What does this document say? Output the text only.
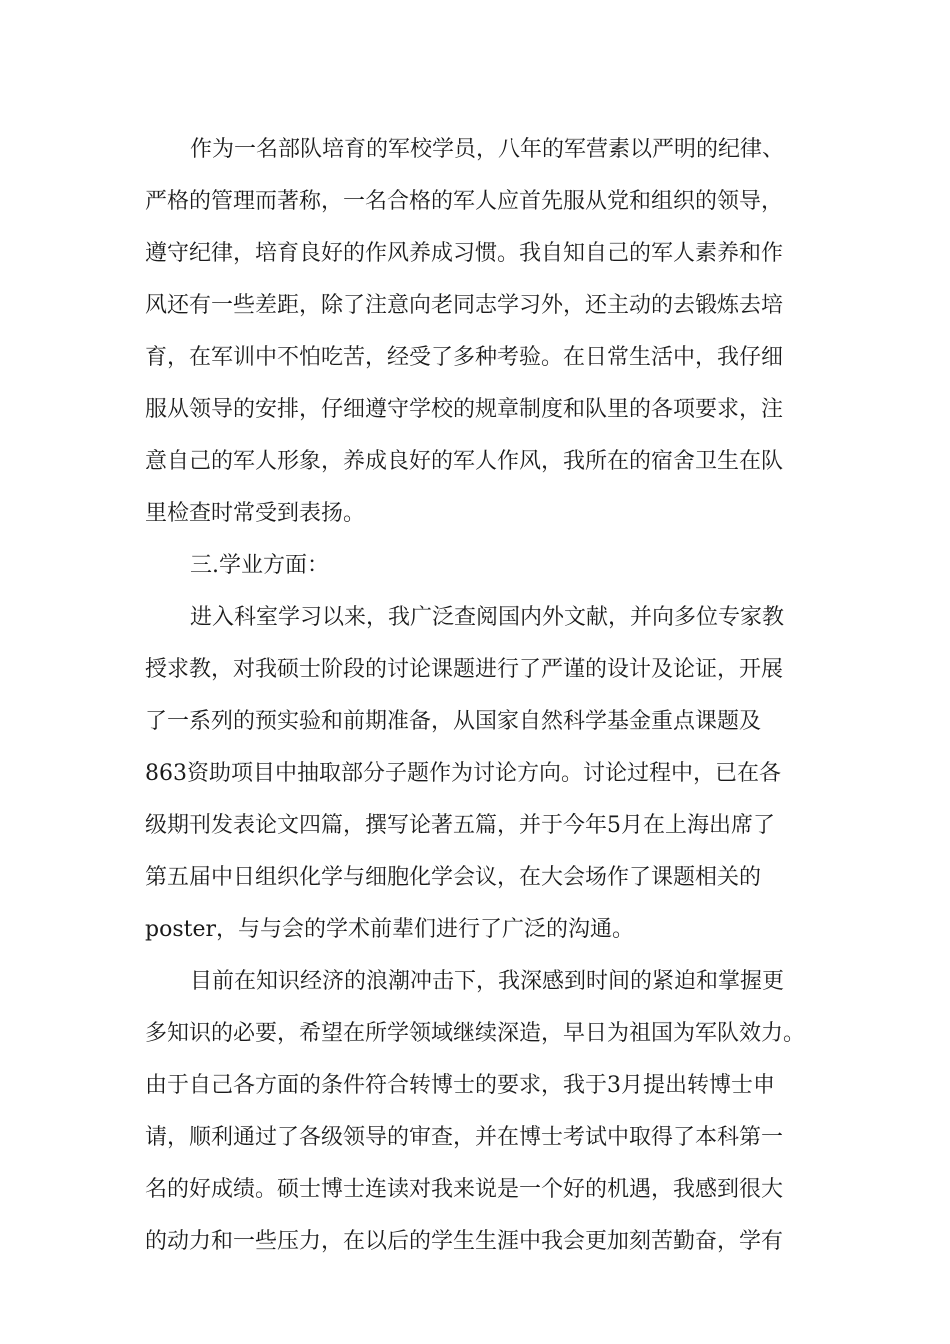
作为一名部队培育的军校学员，八年的军营素以严明的纪律、
严格的管理而著称，一名合格的军人应首先服从党和组织的领导，
遵守纪律，培育良好的作风养成习惯。我自知自己的军人素养和作
风还有一些差距，除了注意向老同志学习外，还主动的去锻炼去培
育，在军训中不怕吃苦，经受了多种考验。在日常生活中，我仔细
服从领导的安排，仔细遵守学校的规章制度和队里的各项要求，注
意自己的军人形象，养成良好的军人作风，我所在的宿舍卫生在队
里检查时常受到表扬。
三.学业方面：
进入科室学习以来，我广泛查阅国内外文献，并向多位专家教
授求教，对我硕士阶段的讨论课题进行了严谨的设计及论证，开展
了一系列的预实验和前期准备，从国家自然科学基金重点课题及
863资助项目中抽取部分子题作为讨论方向。讨论过程中，已在各
级期刊发表论文四篇，撰写论著五篇，并于今年5月在上海出席了
第五届中日组织化学与细胞化学会议，在大会场作了课题相关的
poster，与与会的学术前辈们进行了广泛的沟通。
目前在知识经济的浪潮冲击下，我深感到时间的紧迫和掌握更
多知识的必要，希望在所学领域继续深造，早日为祖国为军队效力。
由于自己各方面的条件符合转博士的要求，我于3月提出转博士申
请，顺利通过了各级领导的审查，并在博士考试中取得了本科第一
名的好成绩。硕士博士连读对我来说是一个好的机遇，我感到很大
的动力和一些压力，在以后的学生生涯中我会更加刻苦勤奋，学有
